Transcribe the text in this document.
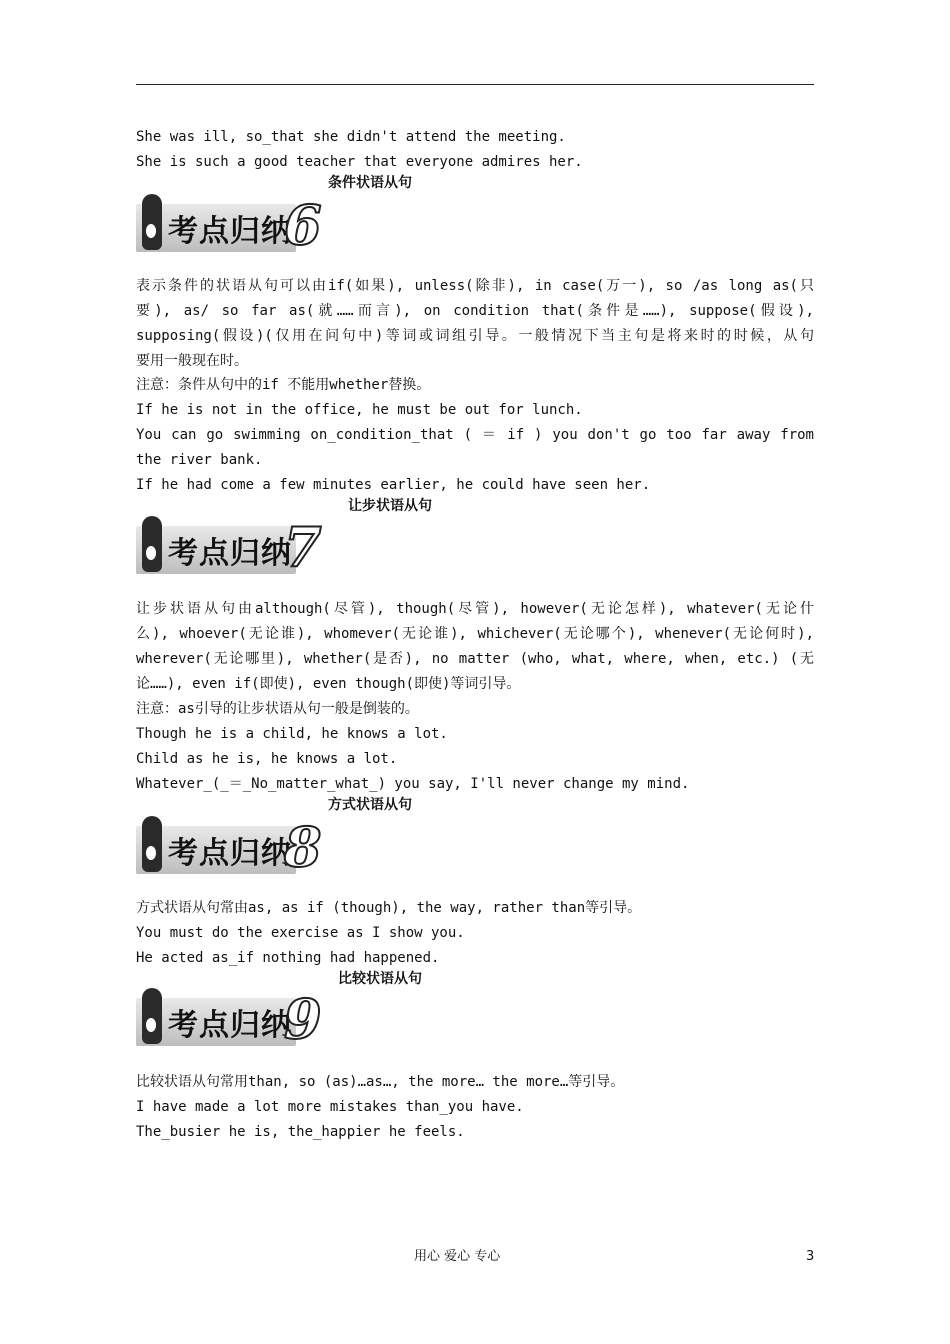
She was ill, so_that she didn't attend the meeting.
She is such a good teacher that everyone admires her.
条件状语从句
考点归纳
6
表示条件的状语从句可以由if(如果), unless(除非), in case(万一), so /as long as(只
要), as/ so far as(就……而言), on condition that(条件是……), suppose(假设),
supposing(假设)(仅用在问句中)等词或词组引导。一般情况下当主句是将来时的时候，从句
要用一般现在时。
注意：条件从句中的if 不能用whether替换。
If he is not in the office, he must be out for lunch.
You can go swimming on_condition_that ( ＝ if ) you don't go too far away from
the river bank.
If he had come a few minutes earlier, he could have seen her.
让步状语从句
考点归纳
7
让步状语从句由although(尽管), though(尽管), however(无论怎样), whatever(无论什
么), whoever(无论谁), whomever(无论谁), whichever(无论哪个), whenever(无论何时),
wherever(无论哪里), whether(是否), no matter (who, what, where, when, etc.) (无
论……), even if(即使), even though(即使)等词引导。
注意：as引导的让步状语从句一般是倒装的。
Though he is a child, he knows a lot.
Child as he is, he knows a lot.
Whatever_(_＝_No_matter_what_) you say, I'll never change my mind.
方式状语从句
考点归纳
8
方式状语从句常由as, as if (though), the way, rather than等引导。
You must do the exercise as I show you.
He acted as_if nothing had happened.
比较状语从句
考点归纳
9
比较状语从句常用than, so (as)…as…, the more… the more…等引导。
I have made a lot more mistakes than_you have.
The_busier he is, the_happier he feels.
用心 爱心 专心	3
